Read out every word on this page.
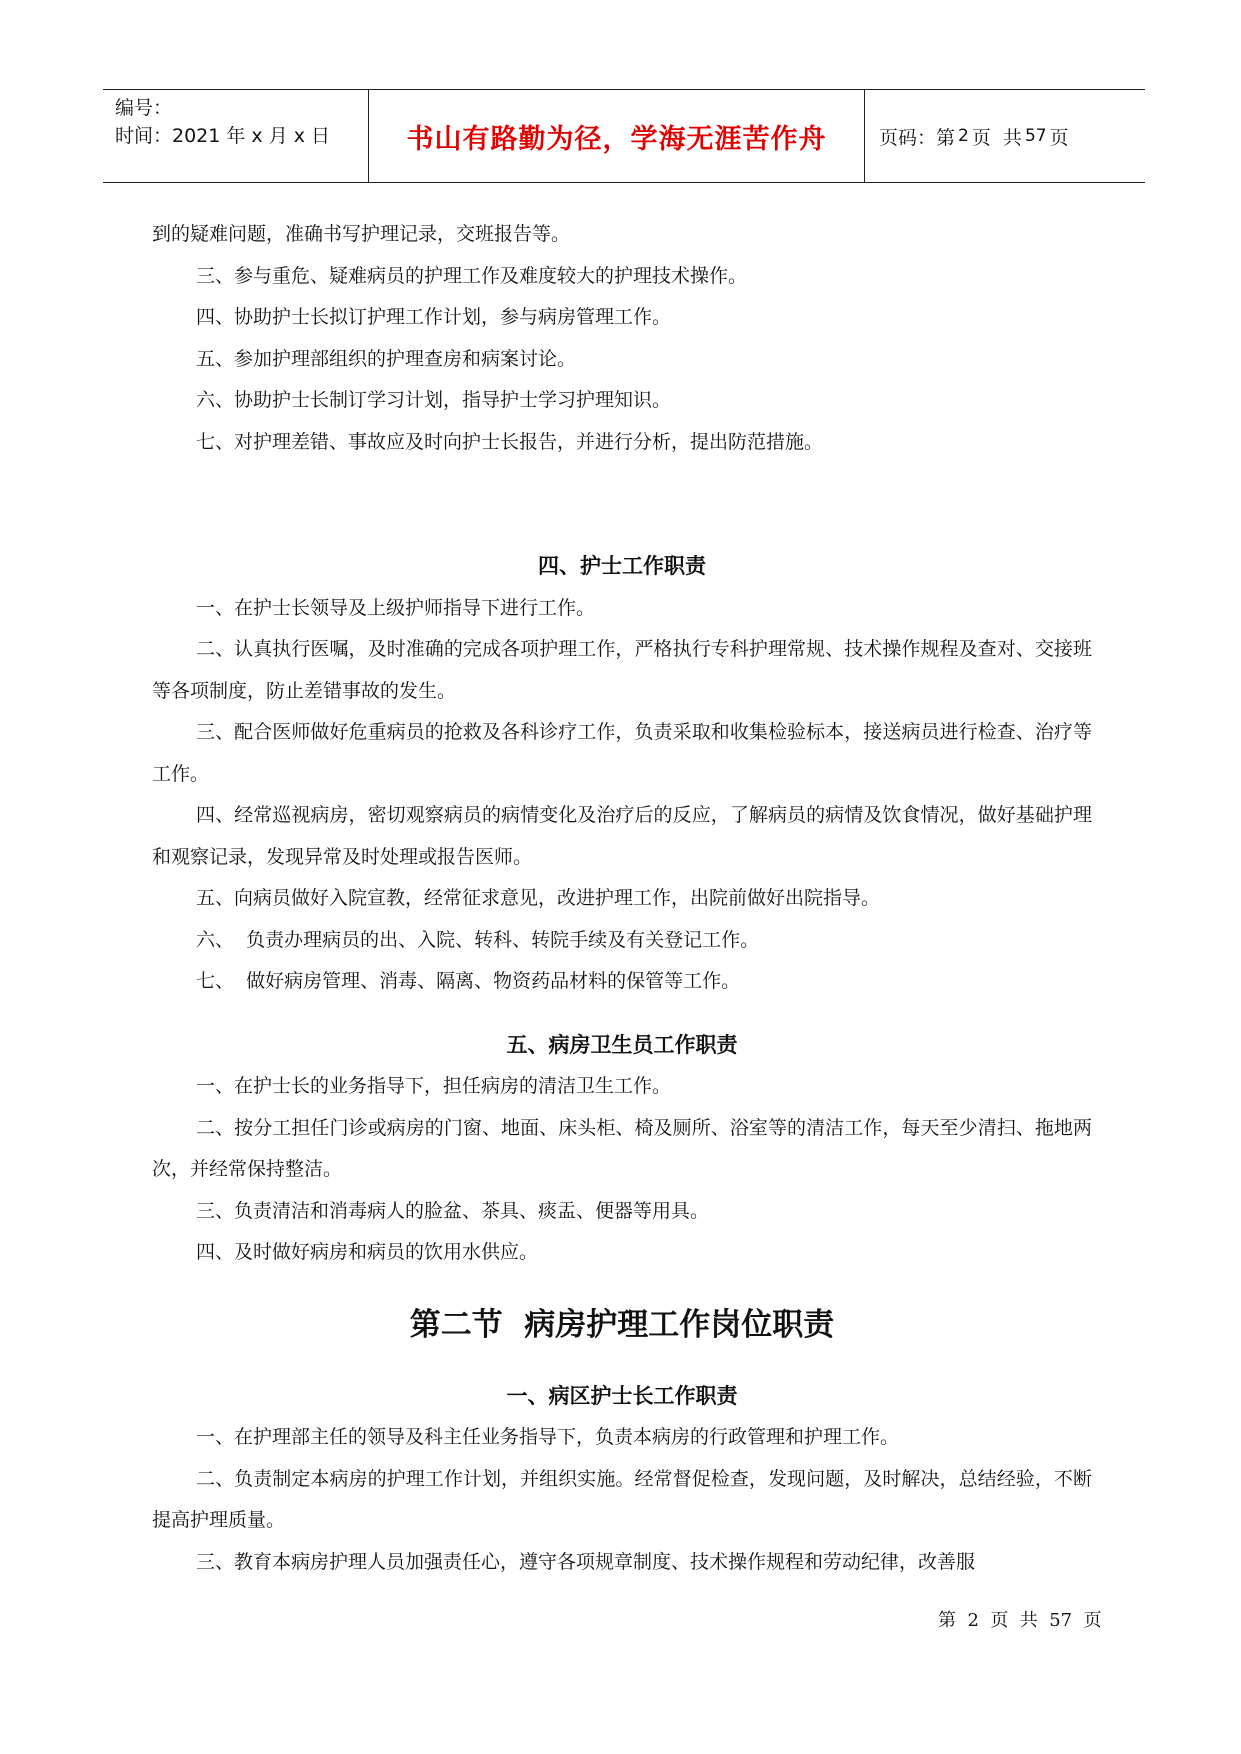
编号：
时间：2021 年 x 月 x 日	书山有路勤为径，学海无涯苦作舟	页码：第 2 页  共 57 页

到的疑难问题，准确书写护理记录，交班报告等。

三、参与重危、疑难病员的护理工作及难度较大的护理技术操作。

四、协助护士长拟订护理工作计划，参与病房管理工作。

五、参加护理部组织的护理查房和病案讨论。

六、协助护士长制订学习计划，指导护士学习护理知识。

七、对护理差错、事故应及时向护士长报告，并进行分析，提出防范措施。

四、护士工作职责

一、在护士长领导及上级护师指导下进行工作。

二、认真执行医嘱，及时准确的完成各项护理工作，严格执行专科护理常规、技术操作规程及查对、交接班等各项制度，防止差错事故的发生。

三、配合医师做好危重病员的抢救及各科诊疗工作，负责采取和收集检验标本，接送病员进行检查、治疗等工作。

四、经常巡视病房，密切观察病员的病情变化及治疗后的反应，了解病员的病情及饮食情况，做好基础护理和观察记录，发现异常及时处理或报告医师。

五、向病员做好入院宣教，经常征求意见，改进护理工作，出院前做好出院指导。

六、  负责办理病员的出、入院、转科、转院手续及有关登记工作。

七、  做好病房管理、消毒、隔离、物资药品材料的保管等工作。

五、病房卫生员工作职责

一、在护士长的业务指导下，担任病房的清洁卫生工作。

二、按分工担任门诊或病房的门窗、地面、床头柜、椅及厕所、浴室等的清洁工作，每天至少清扫、拖地两次，并经常保持整洁。

三、负责清洁和消毒病人的脸盆、茶具、痰盂、便器等用具。

四、及时做好病房和病员的饮用水供应。

第二节  病房护理工作岗位职责
一、病区护士长工作职责

一、在护理部主任的领导及科主任业务指导下，负责本病房的行政管理和护理工作。

二、负责制定本病房的护理工作计划，并组织实施。经常督促检查，发现问题，及时解决，总结经验，不断提高护理质量。

三、教育本病房护理人员加强责任心，遵守各项规章制度、技术操作规程和劳动纪律，改善服

第  2  页  共  57  页
